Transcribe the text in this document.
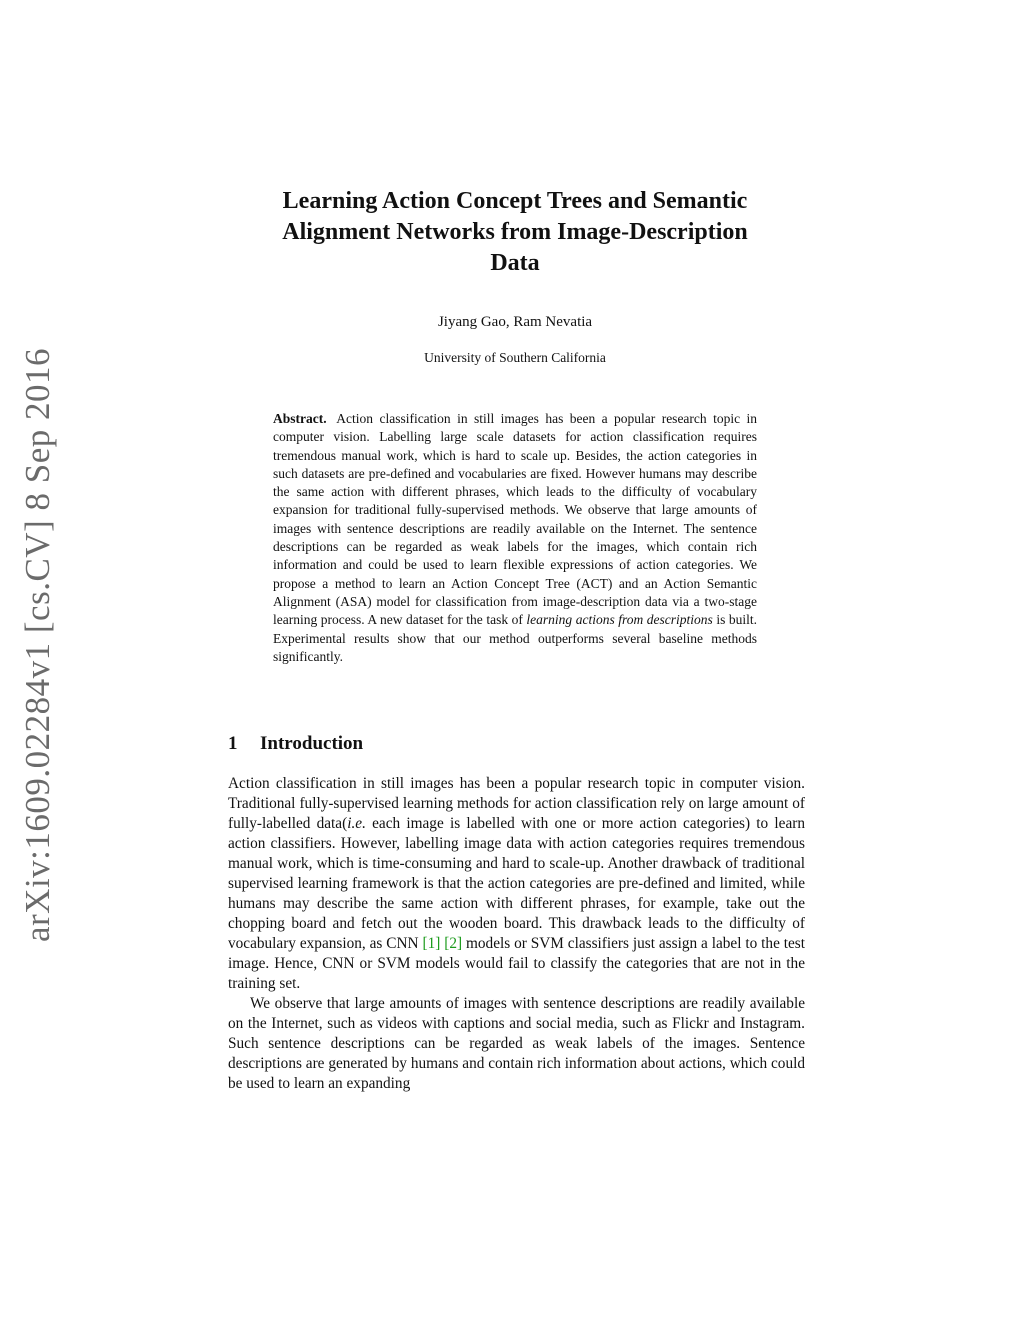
arXiv:1609.02284v1 [cs.CV] 8 Sep 2016
Learning Action Concept Trees and Semantic
Alignment Networks from Image-Description
Data
Jiyang Gao, Ram Nevatia
University of Southern California

Abstract. Action classification in still images has been a popular research topic in computer vision. Labelling large scale datasets for action classification requires tremendous manual work, which is hard to scale up. Besides, the action categories in such datasets are pre-defined and vocabularies are fixed. However humans may describe the same action with different phrases, which leads to the difficulty of vocabulary expansion for traditional fully-supervised methods. We observe that large amounts of images with sentence descriptions are readily available on the Internet. The sentence descriptions can be regarded as weak labels for the images, which contain rich information and could be used to learn flexible expressions of action categories. We propose a method to learn an Action Concept Tree (ACT) and an Action Semantic Alignment (ASA) model for classification from image-description data via a two-stage learning process. A new dataset for the task of learning actions from descriptions is built. Experimental results show that our method outperforms several baseline methods significantly.

1 Introduction

Action classification in still images has been a popular research topic in computer vision. Traditional fully-supervised learning methods for action classification rely on large amount of fully-labelled data(i.e. each image is labelled with one or more action categories) to learn action classifiers. However, labelling image data with action categories requires tremendous manual work, which is time-consuming and hard to scale-up. Another drawback of traditional supervised learning framework is that the action categories are pre-defined and limited, while humans may describe the same action with different phrases, for example, take out the chopping board and fetch out the wooden board. This drawback leads to the difficulty of vocabulary expansion, as CNN [1] [2] models or SVM classifiers just assign a label to the test image. Hence, CNN or SVM models would fail to classify the categories that are not in the training set.

We observe that large amounts of images with sentence descriptions are readily available on the Internet, such as videos with captions and social media, such as Flickr and Instagram. Such sentence descriptions can be regarded as weak labels of the images. Sentence descriptions are generated by humans and contain rich information about actions, which could be used to learn an expanding
